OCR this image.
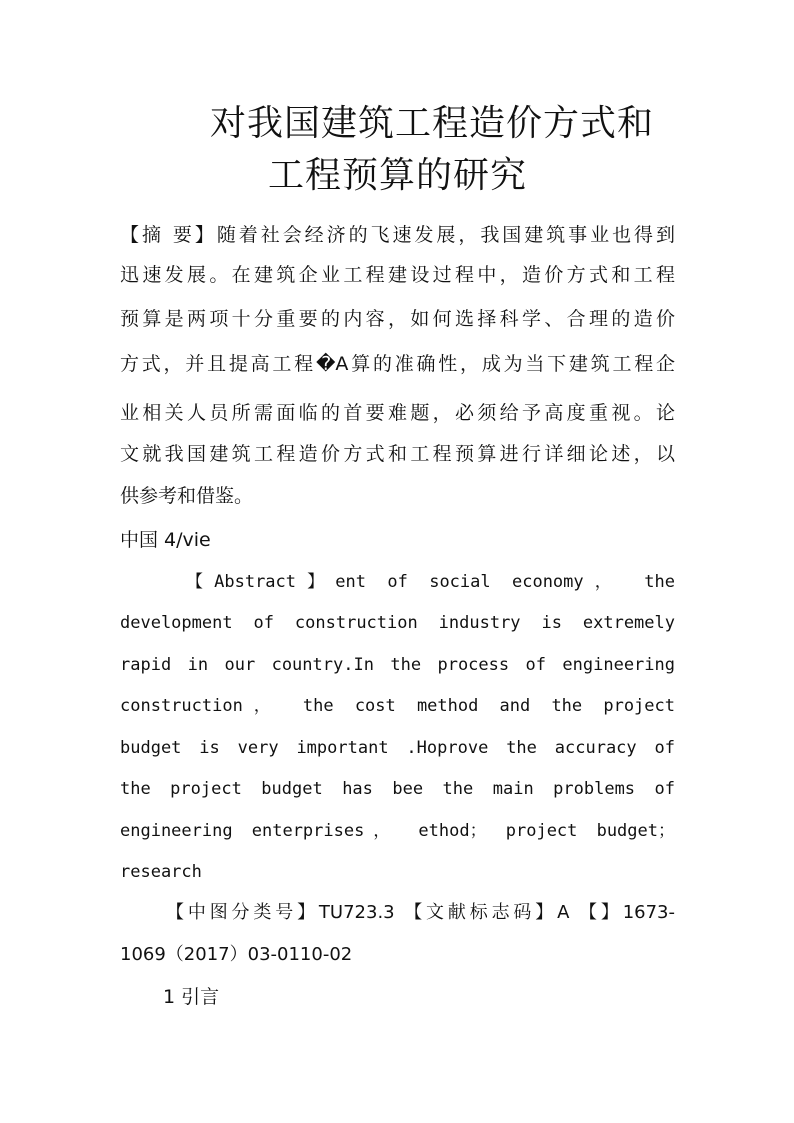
对我国建筑工程造价方式和
工程预算的研究
【摘 要】随着社会经济的飞速发展，我国建筑事业也得到
迅速发展。在建筑企业工程建设过程中，造价方式和工程
预算是两项十分重要的内容，如何选择科学、合理的造价
方式，并且提高工程�A算的准确性，成为当下建筑工程企
业相关人员所需面临的首要难题，必须给予高度重视。论
文就我国建筑工程造价方式和工程预算进行详细论述，以
供参考和借鉴。
中国 4/vie
【Abstract】ent of social economy， the
development of construction industry is extremely
rapid in our country.In the process of engineering
construction， the cost method and the project
budget is very important .Hoprove the accuracy of
the project budget has bee the main problems of
engineering enterprises， ethod； project budget；
research
【中图分类号】TU723.3 【文献标志码】A 【】1673-
1069（2017）03-0110-02
1 引言
